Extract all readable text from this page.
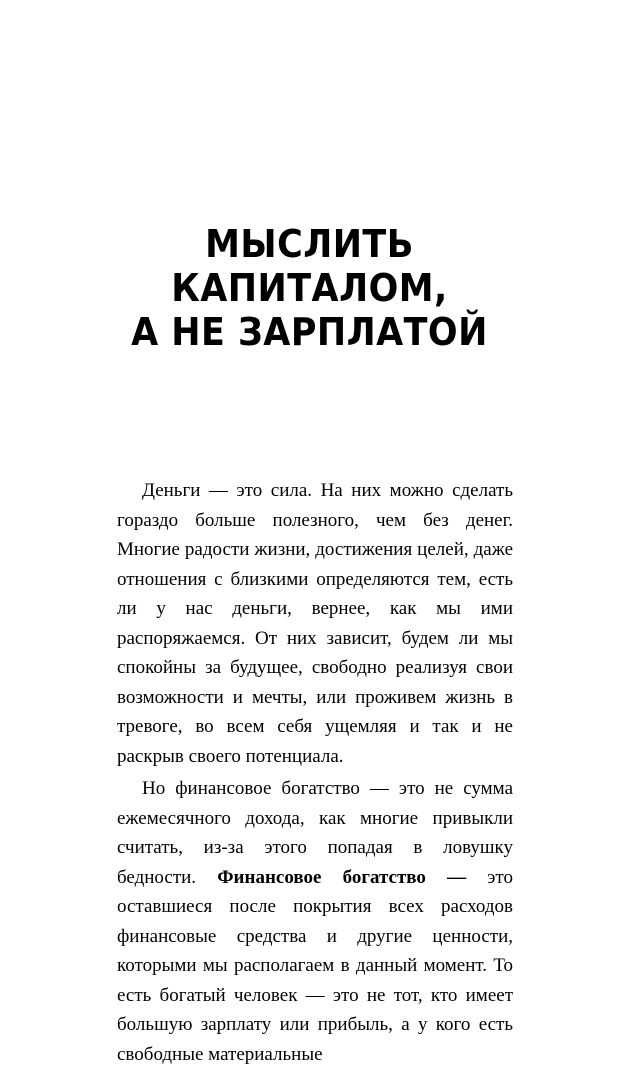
МЫСЛИТЬ
КАПИТАЛОМ,
А НЕ ЗАРПЛАТОЙ

Деньги — это сила. На них можно сделать гораздо больше полезного, чем без денег. Многие радости жизни, достижения целей, даже отношения с близкими определяются тем, есть ли у нас деньги, вернее, как мы ими распоряжаемся. От них зависит, будем ли мы спокойны за будущее, свободно реализуя свои возможности и мечты, или проживем жизнь в тревоге, во всем себя ущемляя и так и не раскрыв своего потенциала.

Но финансовое богатство — это не сумма ежемесячного дохода, как многие привыкли считать, из-за этого попадая в ловушку бедности. Финансовое богатство — это оставшиеся после покрытия всех расходов финансовые средства и другие ценности, которыми мы располагаем в данный момент. То есть богатый человек — это не тот, кто имеет большую зарплату или прибыль, а у кого есть свободные материальные
